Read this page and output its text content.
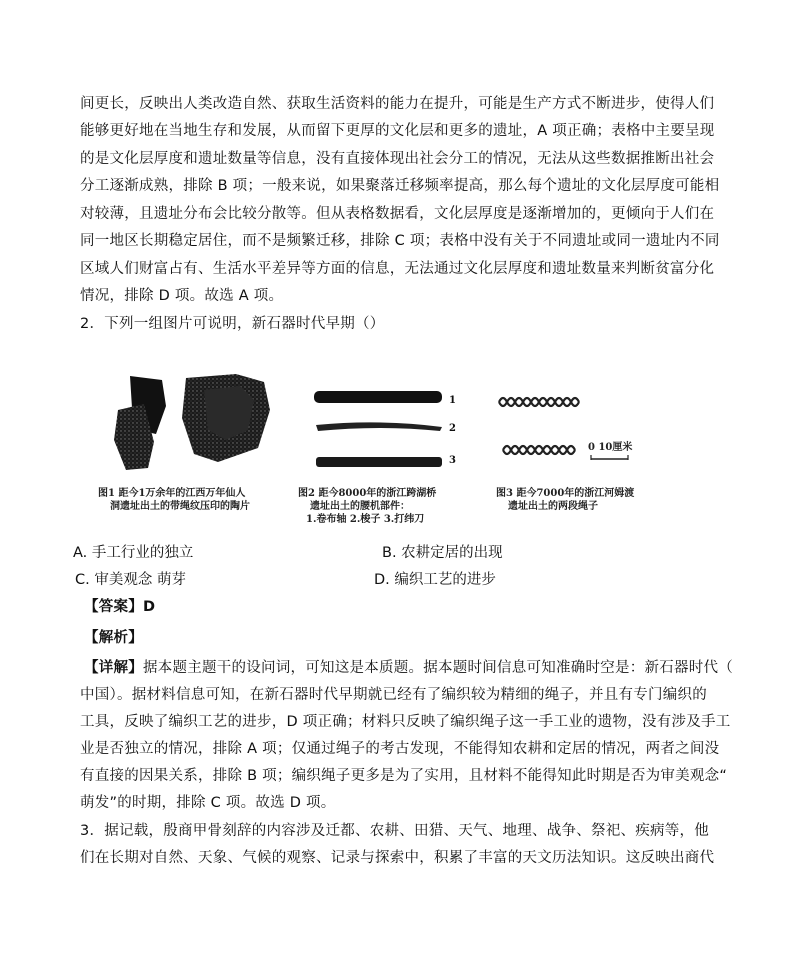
间更长，反映出人类改造自然、获取生活资料的能力在提升，可能是生产方式不断进步，使得人们
能够更好地在当地生存和发展，从而留下更厚的文化层和更多的遗址，A 项正确；表格中主要呈现
的是文化层厚度和遗址数量等信息，没有直接体现出社会分工的情况，无法从这些数据推断出社会
分工逐渐成熟，排除 B 项；一般来说，如果聚落迁移频率提高，那么每个遗址的文化层厚度可能相
对较薄，且遗址分布会比较分散等。但从表格数据看，文化层厚度是逐渐增加的，更倾向于人们在
同一地区长期稳定居住，而不是频繁迁移，排除 C 项；表格中没有关于不同遗址或同一遗址内不同
区域人们财富占有、生活水平差异等方面的信息，无法通过文化层厚度和遗址数量来判断贫富分化
情况，排除 D 项。故选 A 项。
2．下列一组图片可说明，新石器时代早期（）
1
2
3
0 10厘米
图1 距今1万余年的江西万年仙人
洞遗址出土的带绳纹压印的陶片
图2 距今8000年的浙江跨湖桥
遗址出土的腰机部件：
1.卷布轴 2.梭子 3.打纬刀
图3 距今7000年的浙江河姆渡
遗址出土的两段绳子
A. 手工行业的独立	B. 农耕定居的出现
C. 审美观念 萌芽	D. 编织工艺的进步
【答案】D
【解析】
【详解】据本题主题干的设问词，可知这是本质题。据本题时间信息可知准确时空是：新石器时代（
中国）。据材料信息可知，在新石器时代早期就已经有了编织较为精细的绳子，并且有专门编织的
工具，反映了编织工艺的进步，D 项正确；材料只反映了编织绳子这一手工业的遗物，没有涉及手工
业是否独立的情况，排除 A 项；仅通过绳子的考古发现，不能得知农耕和定居的情况，两者之间没
有直接的因果关系，排除 B 项；编织绳子更多是为了实用，且材料不能得知此时期是否为审美观念“
萌发”的时期，排除 C 项。故选 D 项。
3．据记载，殷商甲骨刻辞的内容涉及迁都、农耕、田猎、天气、地理、战争、祭祀、疾病等，他
们在长期对自然、天象、气候的观察、记录与探索中，积累了丰富的天文历法知识。这反映出商代
